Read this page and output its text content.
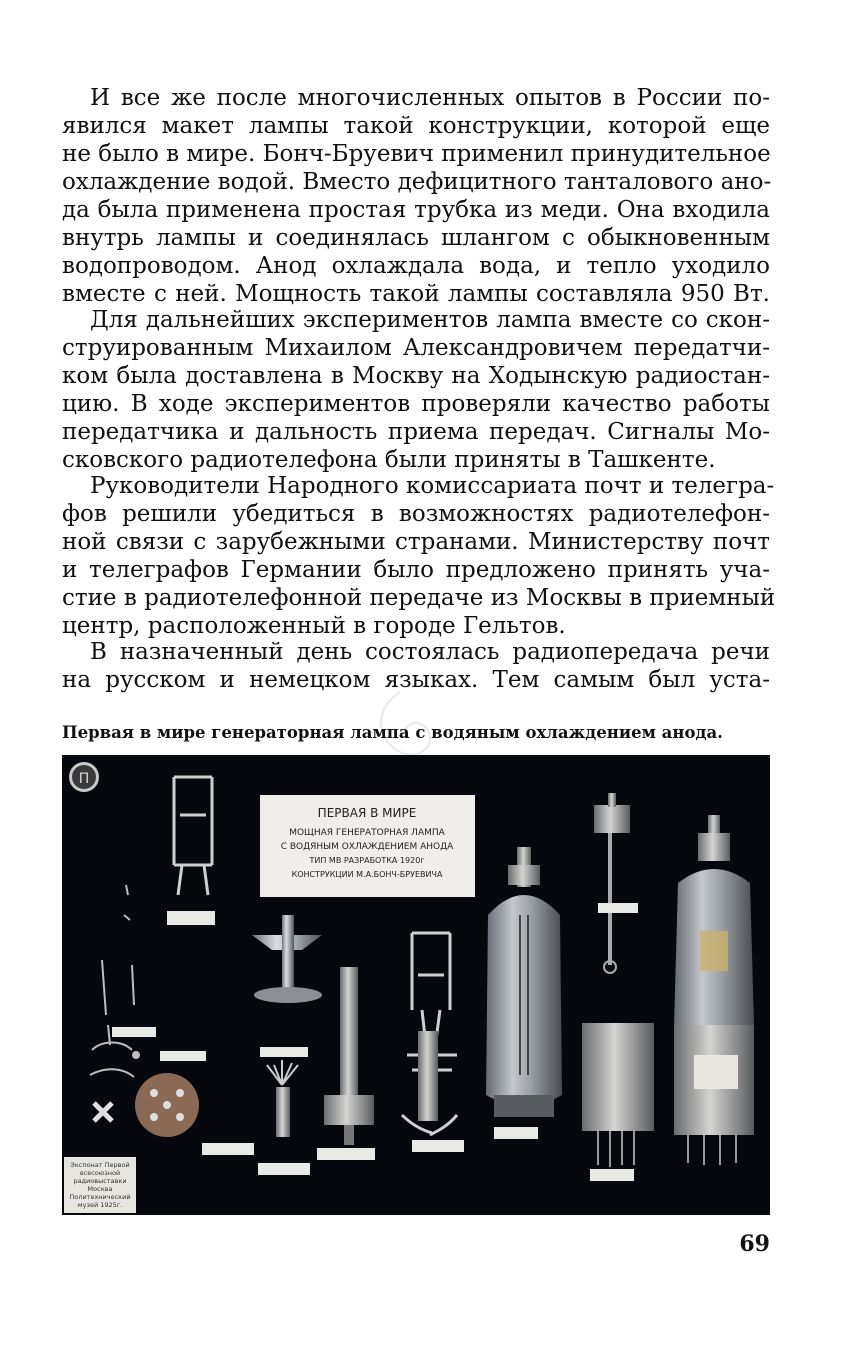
И все же после многочисленных опытов в России по-

явился макет лампы такой конструкции, которой еще

не было в мире. Бонч-Бруевич применил принудительное

охлаждение водой. Вместо дефицитного танталового ано-

да была применена простая трубка из меди. Она входила

внутрь лампы и соединялась шлангом с обыкновенным

водопроводом. Анод охлаждала вода, и тепло уходило

вместе с ней. Мощность такой лампы составляла 950 Вт.

Для дальнейших экспериментов лампа вместе со скон-

струированным Михаилом Александровичем передатчи-

ком была доставлена в Москву на Ходынскую радиостан-

цию. В ходе экспериментов проверяли качество работы

передатчика и дальность приема передач. Сигналы Мо-

сковского радиотелефона были приняты в Ташкенте.

Руководители Народного комиссариата почт и телегра-

фов решили убедиться в возможностях радиотелефон-

ной связи с зарубежными странами. Министерству почт

и телеграфов Германии было предложено принять уча-

стие в радиотелефонной передаче из Москвы в приемный

центр, расположенный в городе Гельтов.

В назначенный день состоялась радиопередача речи

на русском и немецком языках. Тем самым был уста-

Первая в мире генераторная лампа с водяным охлаждением анода.

П
ПЕРВАЯ В МИРЕ
МОЩНАЯ ГЕНЕРАТОРНАЯ ЛАМПА
С ВОДЯНЫМ ОХЛАЖДЕНИЕМ АНОДА
ТИП МВ РАЗРАБОТКА 1920г
КОНСТРУКЦИИ М.А.БОНЧ-БРУЕВИЧА
Экспонат Первой
всесоюзной
радиовыставки
Москва
Политехнический
музей 1925г.

69
